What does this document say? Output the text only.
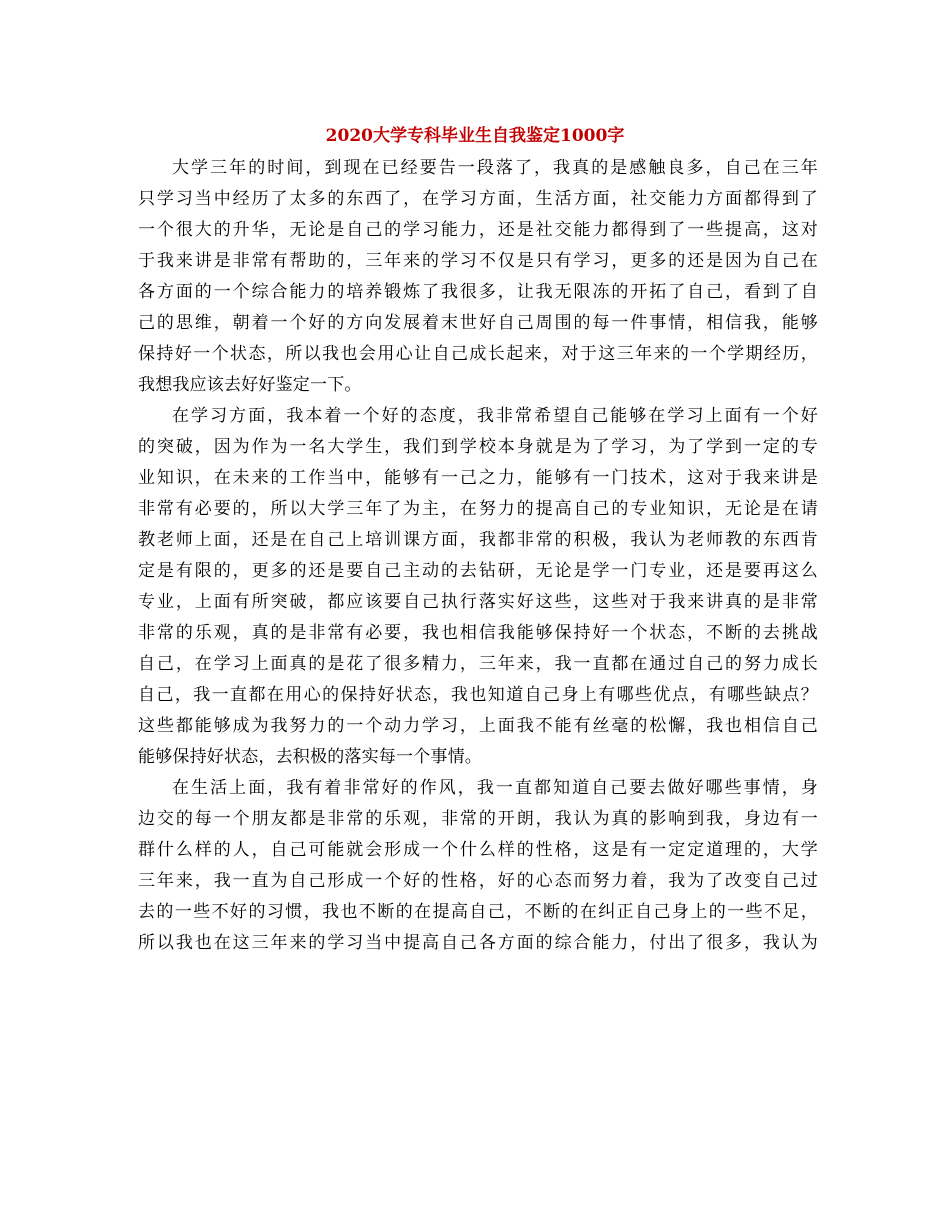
2020大学专科毕业生自我鉴定1000字
大学三年的时间，到现在已经要告一段落了，我真的是感触良多，自己在三年
只学习当中经历了太多的东西了，在学习方面，生活方面，社交能力方面都得到了
一个很大的升华，无论是自己的学习能力，还是社交能力都得到了一些提高，这对
于我来讲是非常有帮助的，三年来的学习不仅是只有学习，更多的还是因为自己在
各方面的一个综合能力的培养锻炼了我很多，让我无限冻的开拓了自己，看到了自
己的思维，朝着一个好的方向发展着末世好自己周围的每一件事情，相信我，能够
保持好一个状态，所以我也会用心让自己成长起来，对于这三年来的一个学期经历，
我想我应该去好好鉴定一下。
在学习方面，我本着一个好的态度，我非常希望自己能够在学习上面有一个好
的突破，因为作为一名大学生，我们到学校本身就是为了学习，为了学到一定的专
业知识，在未来的工作当中，能够有一己之力，能够有一门技术，这对于我来讲是
非常有必要的，所以大学三年了为主，在努力的提高自己的专业知识，无论是在请
教老师上面，还是在自己上培训课方面，我都非常的积极，我认为老师教的东西肯
定是有限的，更多的还是要自己主动的去钻研，无论是学一门专业，还是要再这么
专业，上面有所突破，都应该要自己执行落实好这些，这些对于我来讲真的是非常
非常的乐观，真的是非常有必要，我也相信我能够保持好一个状态，不断的去挑战
自己，在学习上面真的是花了很多精力，三年来，我一直都在通过自己的努力成长
自己，我一直都在用心的保持好状态，我也知道自己身上有哪些优点，有哪些缺点？
这些都能够成为我努力的一个动力学习，上面我不能有丝毫的松懈，我也相信自己
能够保持好状态，去积极的落实每一个事情。
在生活上面，我有着非常好的作风，我一直都知道自己要去做好哪些事情，身
边交的每一个朋友都是非常的乐观，非常的开朗，我认为真的影响到我，身边有一
群什么样的人，自己可能就会形成一个什么样的性格，这是有一定定道理的，大学
三年来，我一直为自己形成一个好的性格，好的心态而努力着，我为了改变自己过
去的一些不好的习惯，我也不断的在提高自己，不断的在纠正自己身上的一些不足，
所以我也在这三年来的学习当中提高自己各方面的综合能力，付出了很多，我认为
